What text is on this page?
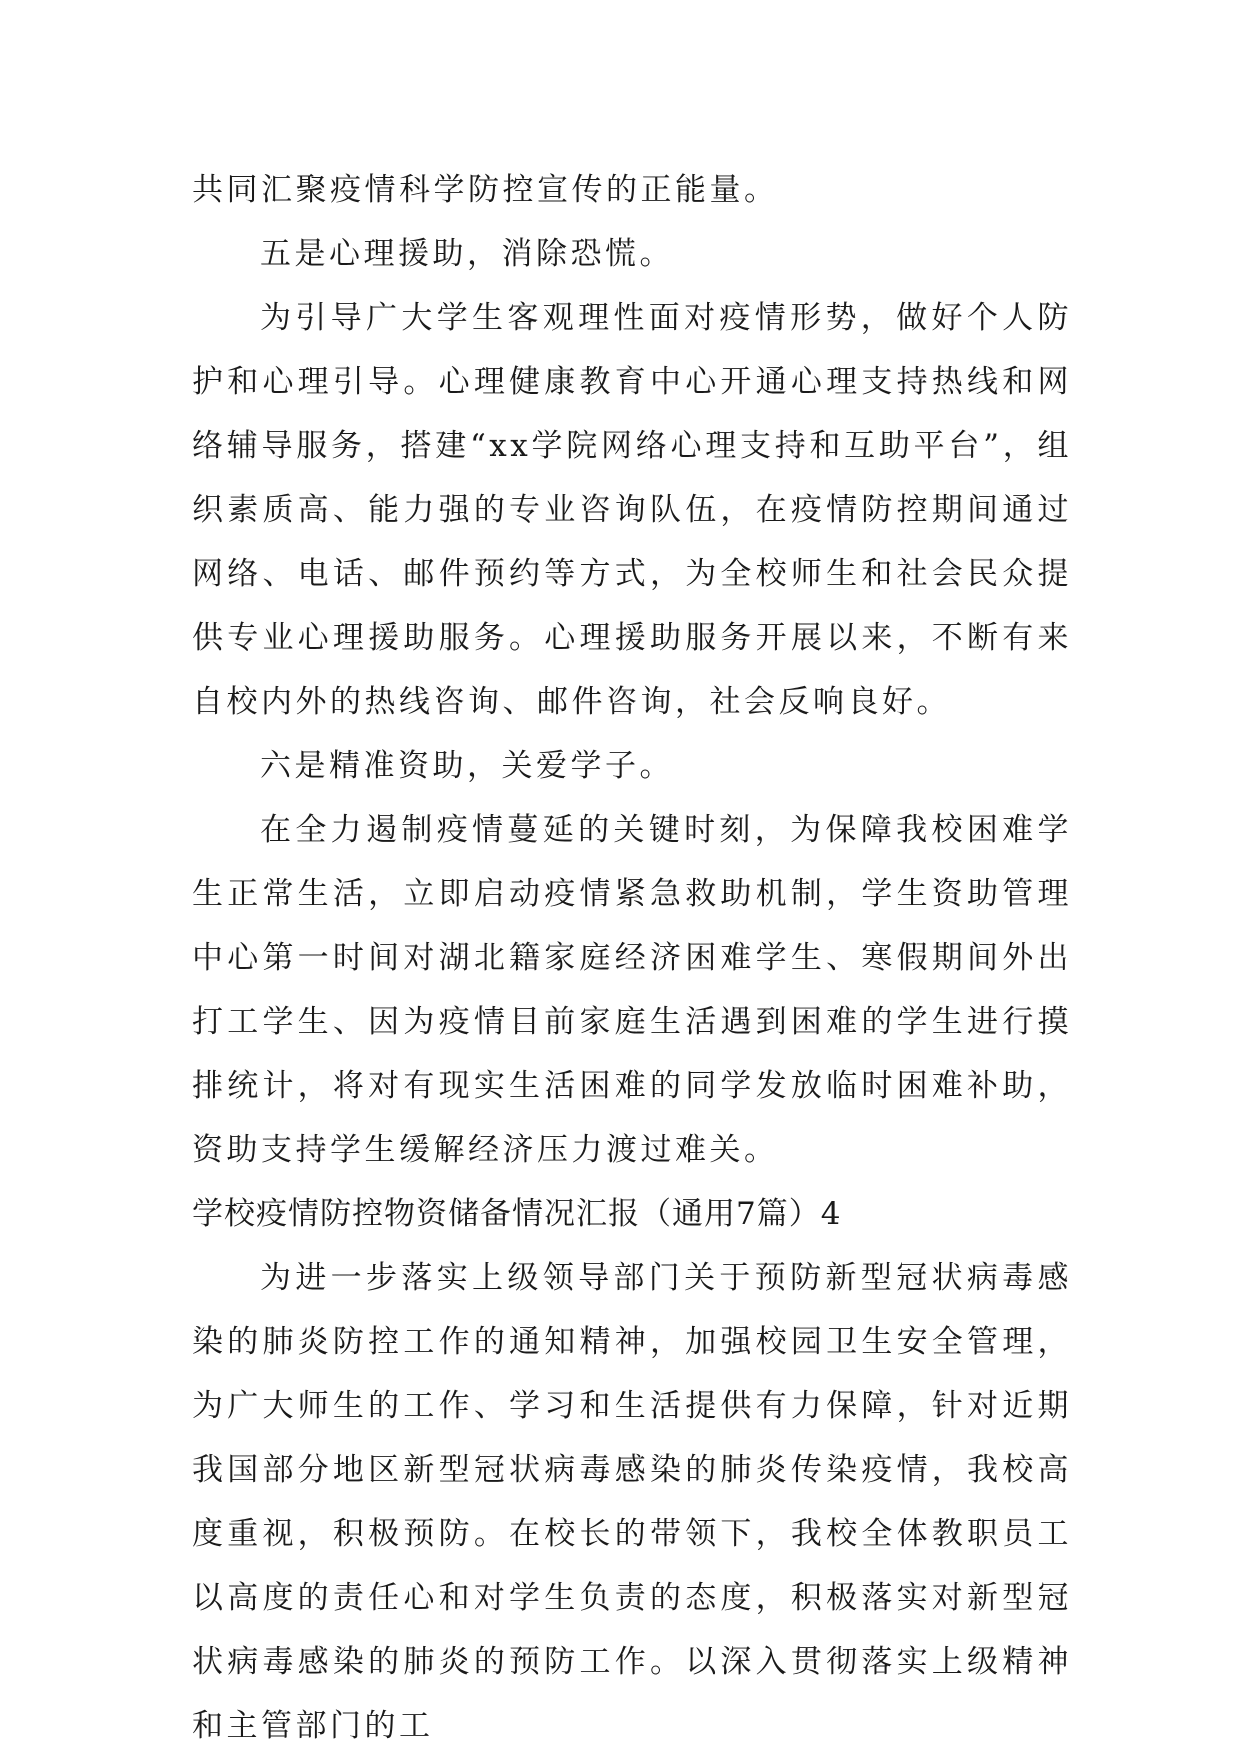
共同汇聚疫情科学防控宣传的正能量。

五是心理援助，消除恐慌。

为引导广大学生客观理性面对疫情形势，做好个人防护和心理引导。心理健康教育中心开通心理支持热线和网络辅导服务，搭建“xx学院网络心理支持和互助平台”，组织素质高、能力强的专业咨询队伍，在疫情防控期间通过网络、电话、邮件预约等方式，为全校师生和社会民众提供专业心理援助服务。心理援助服务开展以来，不断有来自校内外的热线咨询、邮件咨询，社会反响良好。

六是精准资助，关爱学子。

在全力遏制疫情蔓延的关键时刻，为保障我校困难学生正常生活，立即启动疫情紧急救助机制，学生资助管理中心第一时间对湖北籍家庭经济困难学生、寒假期间外出打工学生、因为疫情目前家庭生活遇到困难的学生进行摸排统计，将对有现实生活困难的同学发放临时困难补助，资助支持学生缓解经济压力渡过难关。

学校疫情防控物资储备情况汇报（通用7篇）4

为进一步落实上级领导部门关于预防新型冠状病毒感染的肺炎防控工作的通知精神，加强校园卫生安全管理，为广大师生的工作、学习和生活提供有力保障，针对近期我国部分地区新型冠状病毒感染的肺炎传染疫情，我校高度重视，积极预防。在校长的带领下，我校全体教职员工以高度的责任心和对学生负责的态度，积极落实对新型冠状病毒感染的肺炎的预防工作。以深入贯彻落实上级精神和主管部门的工
